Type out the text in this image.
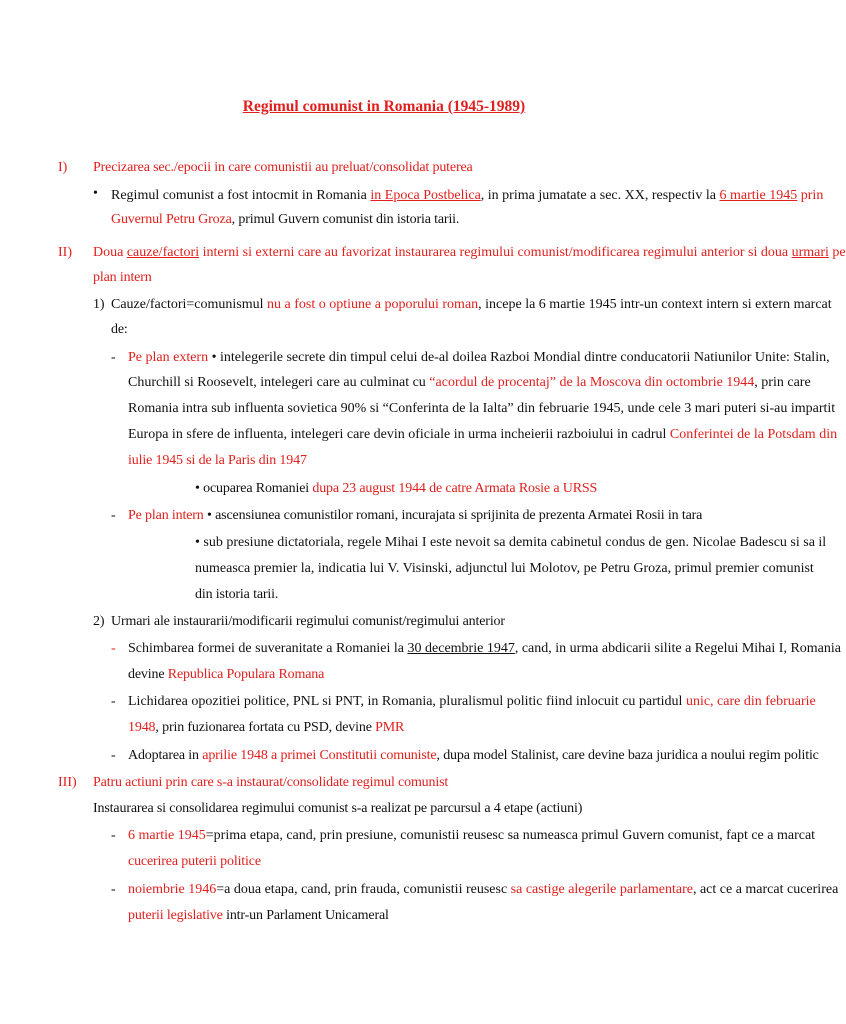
Regimul comunist in Romania (1945-1989)
I) Precizarea sec./epocii in care comunistii au preluat/consolidat puterea
• Regimul comunist a fost intocmit in Romania in Epoca Postbelica, in prima jumatate a sec. XX, respectiv la 6 martie 1945 prin
Guvernul Petru Groza, primul Guvern comunist din istoria tarii.
II) Doua cauze/factori interni si externi care au favorizat instaurarea regimului comunist/modificarea regimului anterior si doua urmari pe
plan intern
1) Cauze/factori=comunismul nu a fost o optiune a poporului roman, incepe la 6 martie 1945 intr-un context intern si extern marcat
de:
- Pe plan extern • intelegerile secrete din timpul celui de-al doilea Razboi Mondial dintre conducatorii Natiunilor Unite: Stalin,
Churchill si Roosevelt, intelegeri care au culminat cu “acordul de procentaj” de la Moscova din octombrie 1944, prin care
Romania intra sub influenta sovietica 90% si “Conferinta de la Ialta” din februarie 1945, unde cele 3 mari puteri si-au impartit
Europa in sfere de influenta, intelegeri care devin oficiale in urma incheierii razboiului in cadrul Conferintei de la Potsdam din
iulie 1945 si de la Paris din 1947
• ocuparea Romaniei dupa 23 august 1944 de catre Armata Rosie a URSS
- Pe plan intern • ascensiunea comunistilor romani, incurajata si sprijinita de prezenta Armatei Rosii in tara
• sub presiune dictatoriala, regele Mihai I este nevoit sa demita cabinetul condus de gen. Nicolae Badescu si sa il
numeasca premier la, indicatia lui V. Visinski, adjunctul lui Molotov, pe Petru Groza, primul premier comunist
din istoria tarii.
2) Urmari ale instaurarii/modificarii regimului comunist/regimului anterior
- Schimbarea formei de suveranitate a Romaniei la 30 decembrie 1947, cand, in urma abdicarii silite a Regelui Mihai I, Romania
devine Republica Populara Romana
- Lichidarea opozitiei politice, PNL si PNT, in Romania, pluralismul politic fiind inlocuit cu partidul unic, care din februarie
1948, prin fuzionarea fortata cu PSD, devine PMR
- Adoptarea in aprilie 1948 a primei Constitutii comuniste, dupa model Stalinist, care devine baza juridica a noului regim politic
III) Patru actiuni prin care s-a instaurat/consolidate regimul comunist
Instaurarea si consolidarea regimului comunist s-a realizat pe parcursul a 4 etape (actiuni)
- 6 martie 1945=prima etapa, cand, prin presiune, comunistii reusesc sa numeasca primul Guvern comunist, fapt ce a marcat
cucerirea puterii politice
- noiembrie 1946=a doua etapa, cand, prin frauda, comunistii reusesc sa castige alegerile parlamentare, act ce a marcat cucerirea
puterii legislative intr-un Parlament Unicameral
